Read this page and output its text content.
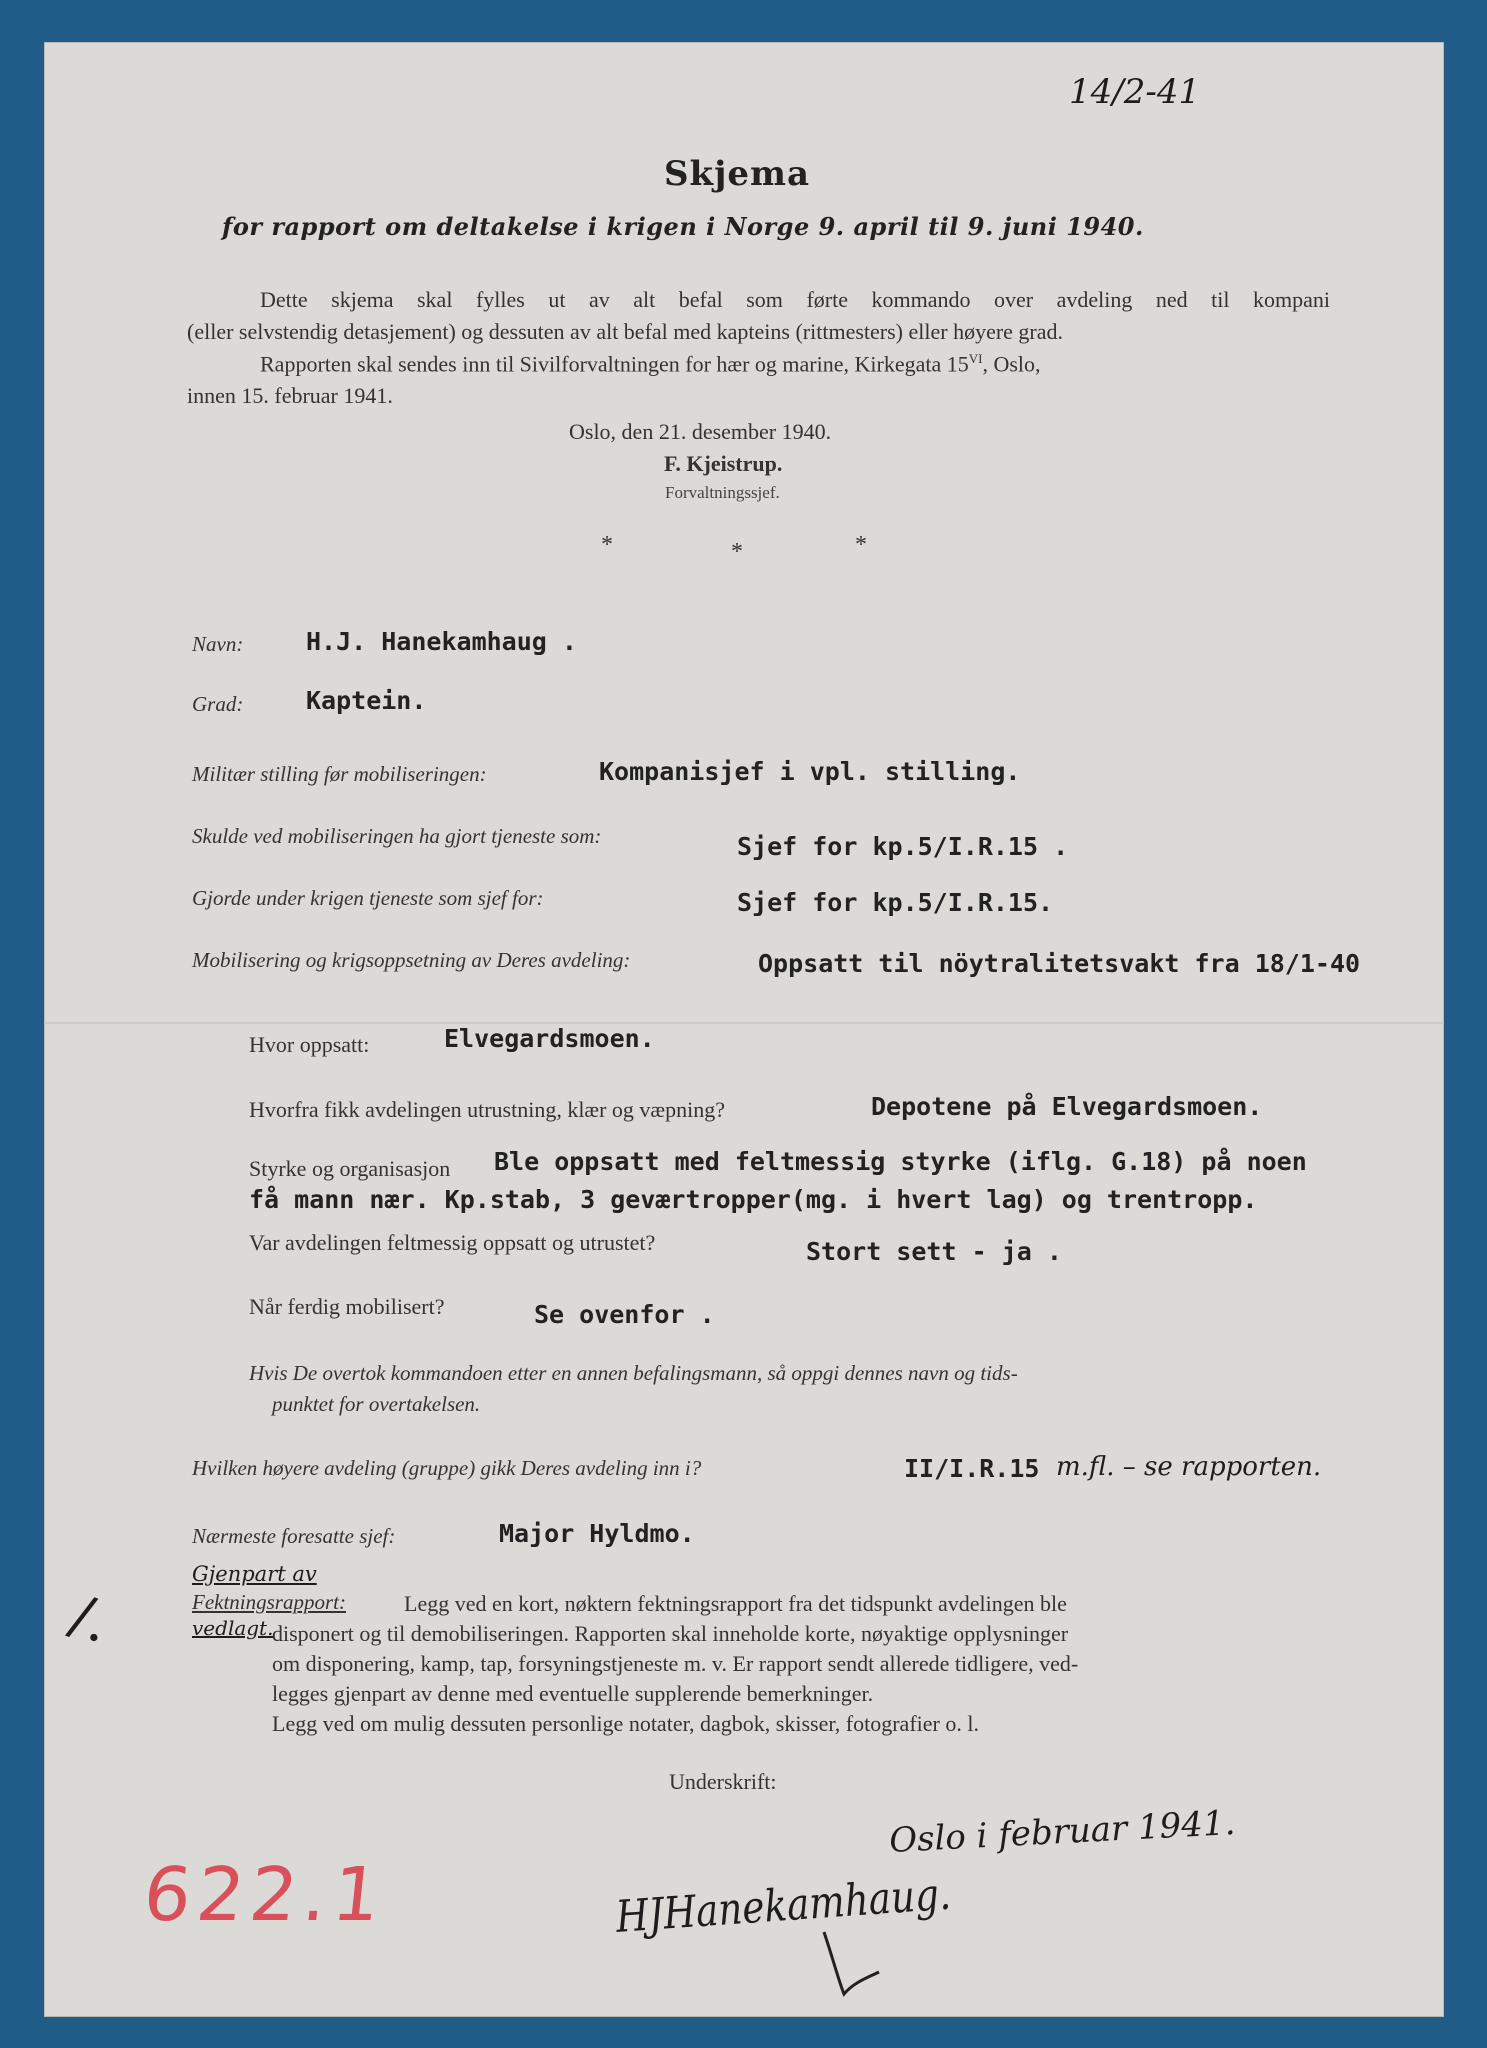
14/2-41
Skjema
for rapport om deltakelse i krigen i Norge 9. april til 9. juni 1940.
Dette skjema skal fylles ut av alt befal som førte kommando over avdeling ned til kompani
(eller selvstendig detasjement) og dessuten av alt befal med kapteins (rittmesters) eller høyere grad.
Rapporten skal sendes inn til Sivilforvaltningen for hær og marine, Kirkegata $15^{VI}$, Oslo,
innen 15. februar 1941.
Oslo, den 21. desember 1940.
F. Kjeistrup.
Forvaltningssjef.
*	*	*
Navn:	H.J. Hanekamhaug .
Grad:	Kaptein.
Militær stilling før mobiliseringen:	Kompanisjef i vpl. stilling.
Skulde ved mobiliseringen ha gjort tjeneste som:	Sjef for kp.5/I.R.15 .
Gjorde under krigen tjeneste som sjef for:	Sjef for kp.5/I.R.15.
Mobilisering og krigsoppsetning av Deres avdeling:	Oppsatt til nöytralitetsvakt fra 18/1-40
Hvor oppsatt:	Elvegardsmoen.
Hvorfra fikk avdelingen utrustning, klær og væpning?	Depotene på Elvegardsmoen.
Styrke og organisasjon Ble oppsatt med feltmessig styrke (iflg. G.18) på noen
få mann nær. Kp.stab, 3 geværtropper(mg. i hvert lag) og trentropp.
Var avdelingen feltmessig oppsatt og utrustet?	Stort sett - ja .
Når ferdig mobilisert?	Se ovenfor .
Hvis De overtok kommandoen etter en annen befalingsmann, så oppgi dennes navn og tids-
punktet for overtakelsen.
Hvilken høyere avdeling (gruppe) gikk Deres avdeling inn i?	II/I.R.15 m.fl. – se rapporten.
Nærmeste foresatte sjef:	Major Hyldmo.
Gjenpart av
Fektningsrapport:
vedlagt.
Legg ved en kort, nøktern fektningsrapport fra det tidspunkt avdelingen ble
disponert og til demobiliseringen. Rapporten skal inneholde korte, nøyaktige opplysninger
om disponering, kamp, tap, forsyningstjeneste m. v. Er rapport sendt allerede tidligere, ved-
legges gjenpart av denne med eventuelle supplerende bemerkninger.
Legg ved om mulig dessuten personlige notater, dagbok, skisser, fotografier o. l.
/.
Underskrift:
Oslo i februar 1941.
HJHanekamhaug.
622.1
